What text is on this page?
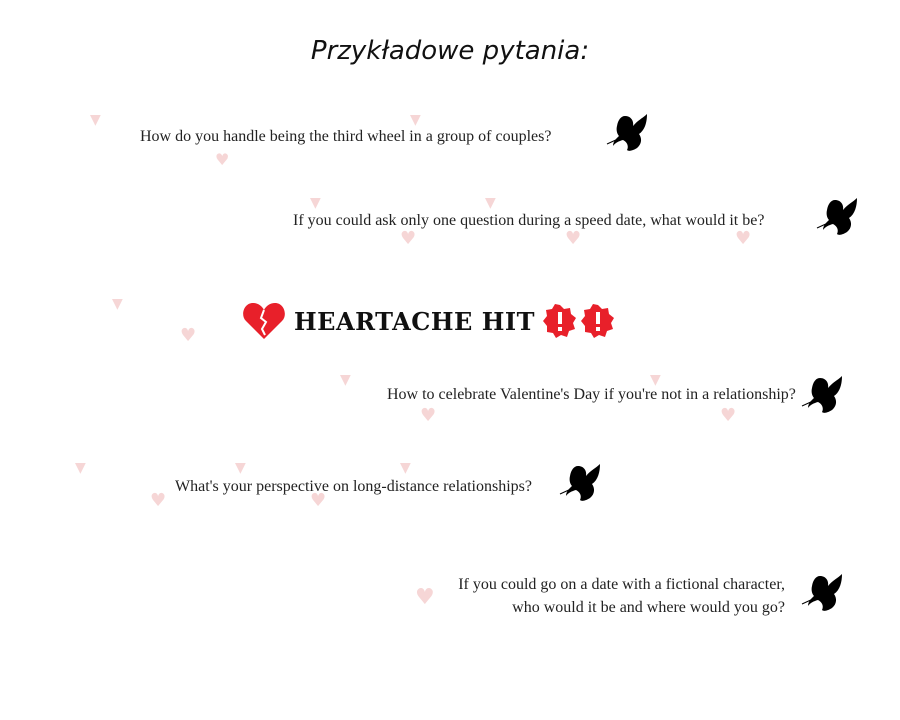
Przykładowe pytania:
▼	▼
♥
▼	▼
♥	♥	♥
▼
♥
▼	▼
♥	♥
▼	▼	▼
♥	♥
♥
How do you handle being the third wheel in a group of couples?
If you could ask only one question during a speed date, what would it be?
HEARTACHE HIT
How to celebrate Valentine's Day if you're not in a relationship?
What's your perspective on long-distance relationships?
If you could go on a date with a fictional character,
who would it be and where would you go?
